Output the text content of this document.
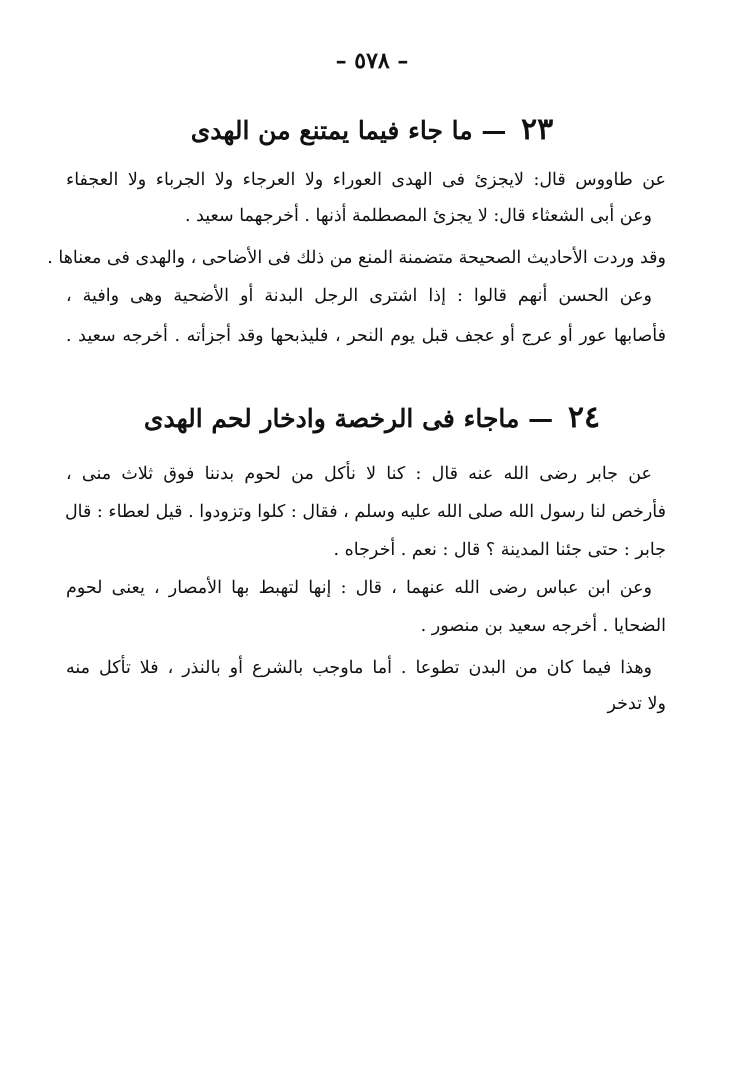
– ٥٧٨ –
٢٣ — ما جاء فيما يمتنع من الهدى
عن طاووس قال: لايجزئ فى الهدى العوراء ولا العرجاء ولا الجرباء ولا العجفاء
وعن أبى الشعثاء قال: لا يجزئ المصطلمة أذنها . أخرجهما سعيد .
وقد وردت الأحاديث الصحيحة متضمنة المنع من ذلك فى الأضاحى ، والهدى فى معناها .
وعن الحسن أنهم قالوا : إذا اشترى الرجل البدنة أو الأضحية وهى وافية ،
فأصابها عور أو عرج أو عجف قبل يوم النحر ، فليذبحها وقد أجزأته . أخرجه سعيد .
٢٤ — ماجاء فى الرخصة وادخار لحم الهدى
عن جابر رضى الله عنه قال : كنا لا نأكل من لحوم بدننا فوق ثلاث منى ،
فأرخص لنا رسول الله صلى الله عليه وسلم ، فقال : كلوا وتزودوا . قيل لعطاء : قال
جابر : حتى جئنا المدينة ؟ قال : نعم . أخرجاه .
وعن ابن عباس رضى الله عنهما ، قال : إنها لتهبط بها الأمصار ، يعنى لحوم
الضحايا . أخرجه سعيد بن منصور .
وهذا فيما كان من البدن تطوعا . أما ماوجب بالشرع أو بالنذر ، فلا تأكل منه
ولا تدخر
